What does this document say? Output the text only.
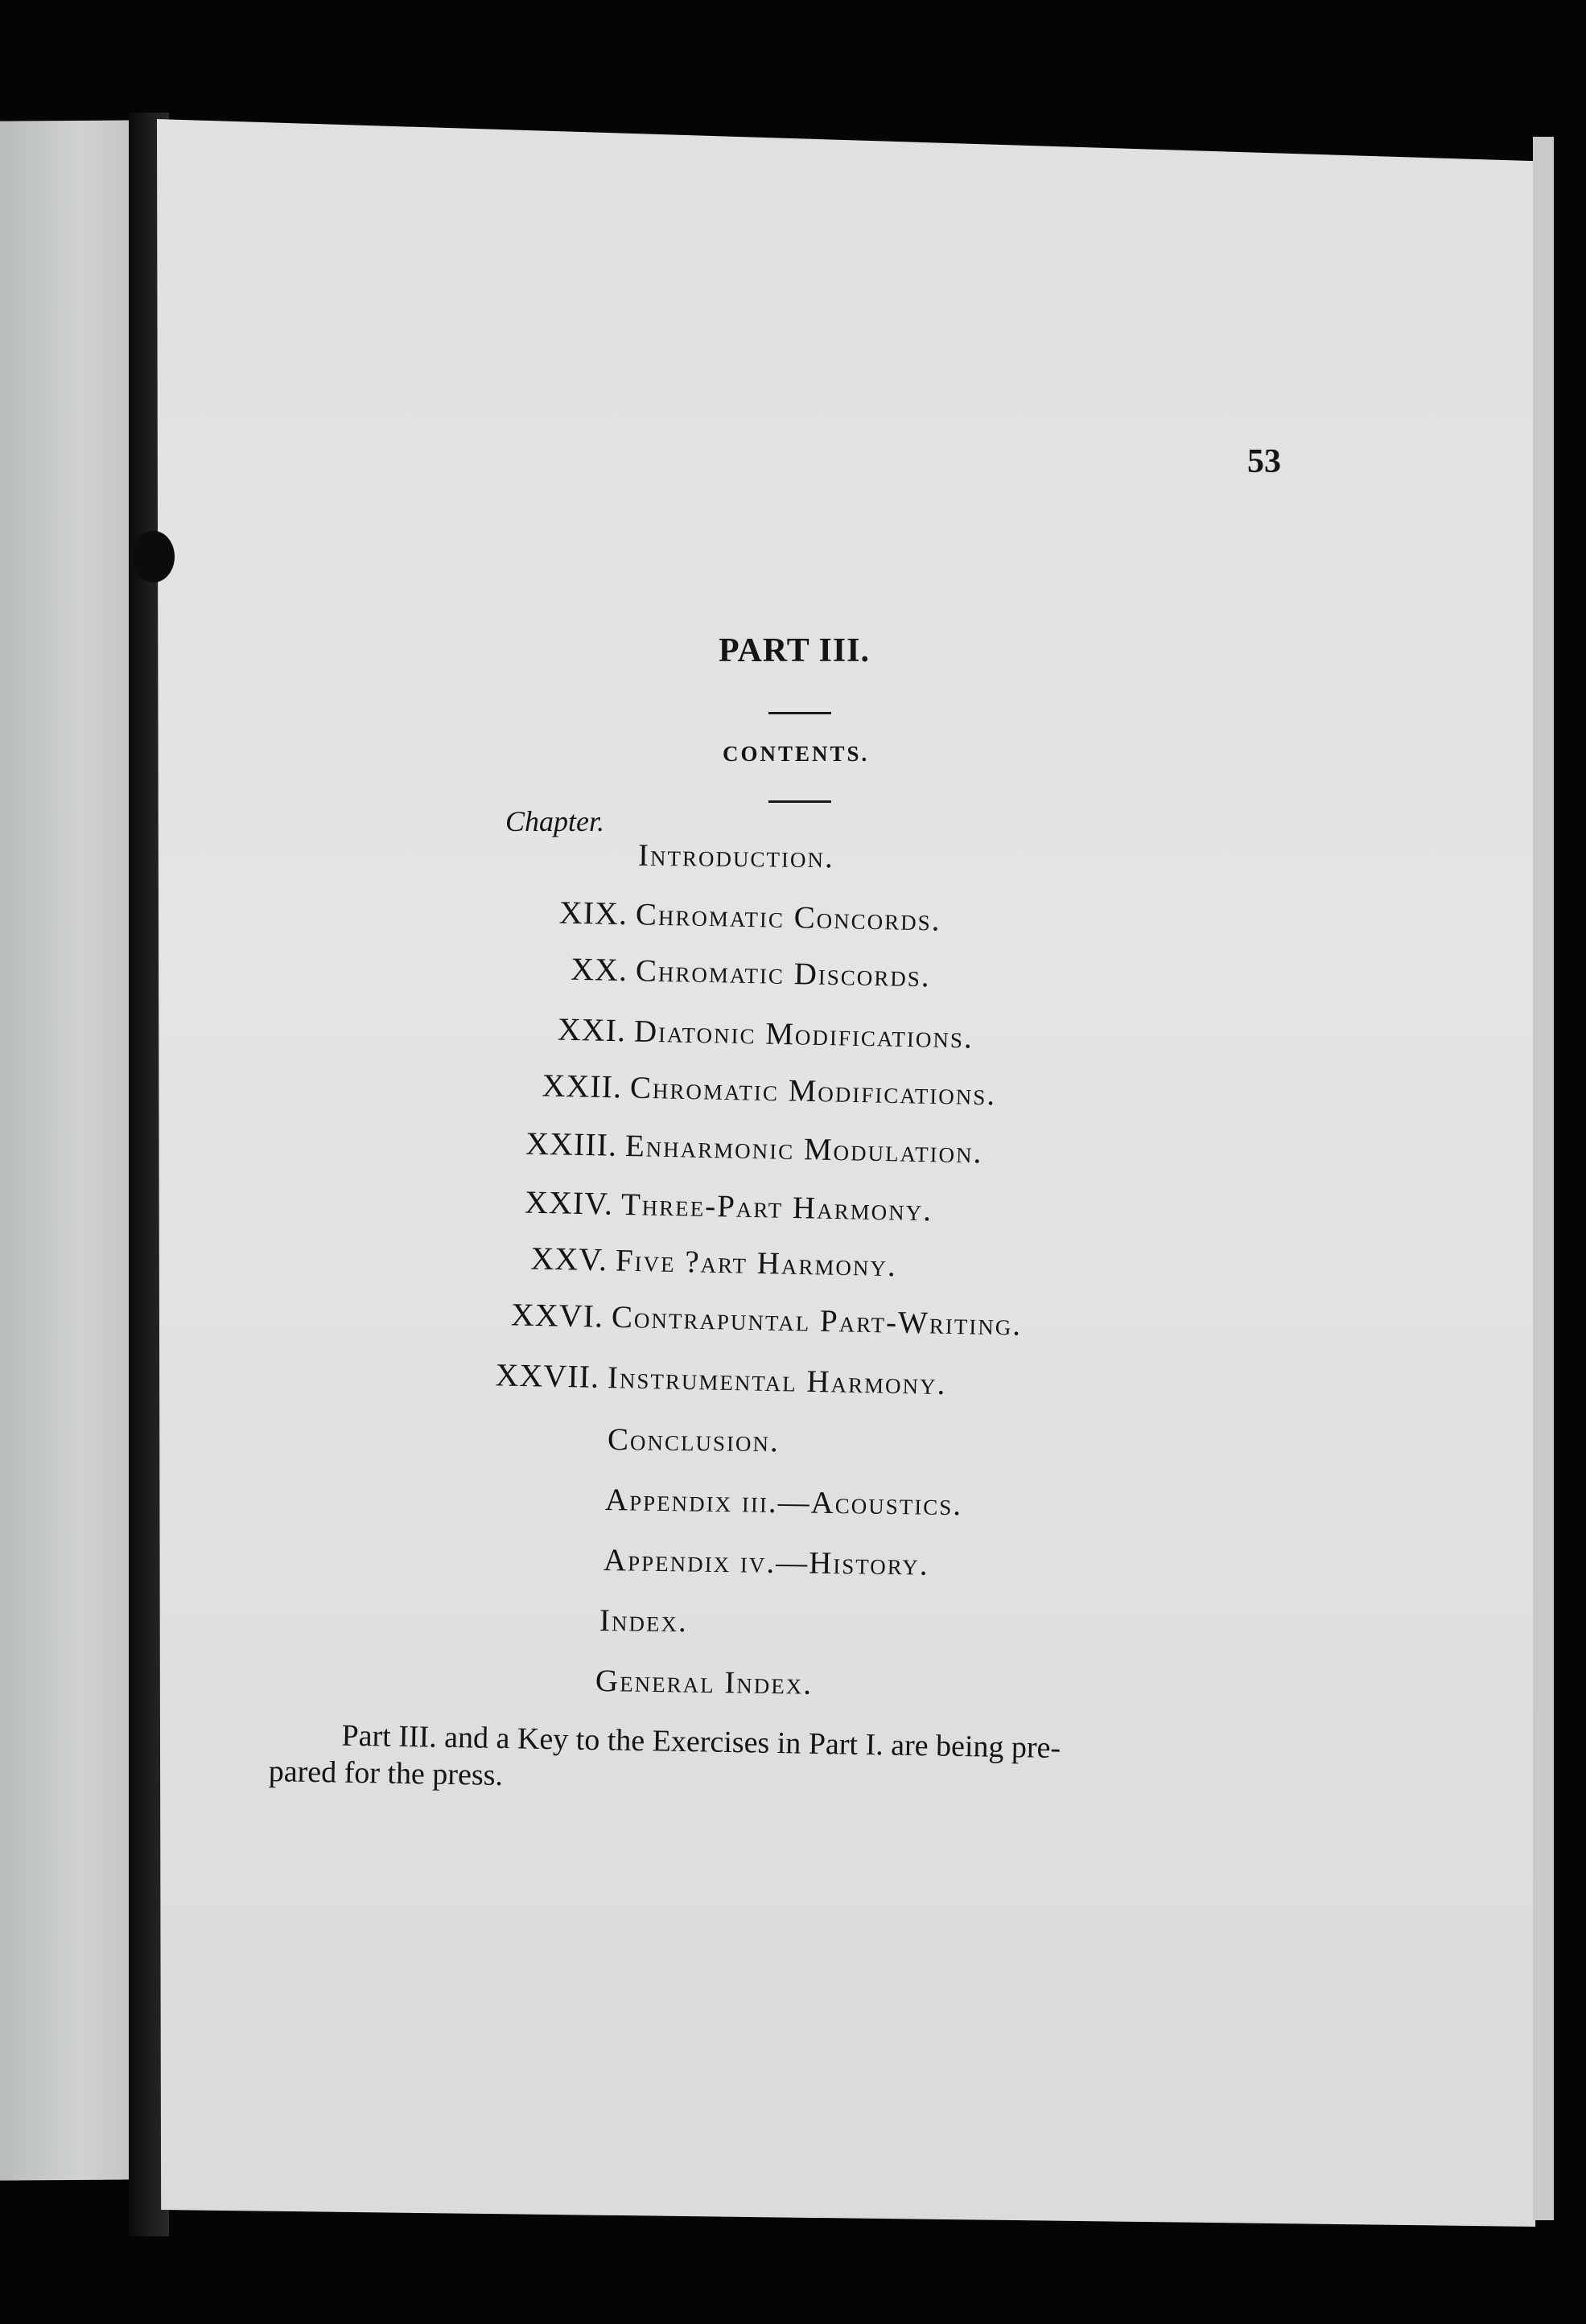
53
PART III.
CONTENTS.
Chapter.
Introduction.
XIX. Chromatic Concords.
XX. Chromatic Discords.
XXI. Diatonic Modifications.
XXII. Chromatic Modifications.
XXIII. Enharmonic Modulation.
XXIV. Three-Part Harmony.
XXV. Five ?art Harmony.
XXVI. Contrapuntal Part-Writing.
XXVII. Instrumental Harmony.
Conclusion.
Appendix iii.—Acoustics.
Appendix iv.—History.
Index.
General Index.
Part III. and a Key to the Exercises in Part I. are being pre-
pared for the press.
